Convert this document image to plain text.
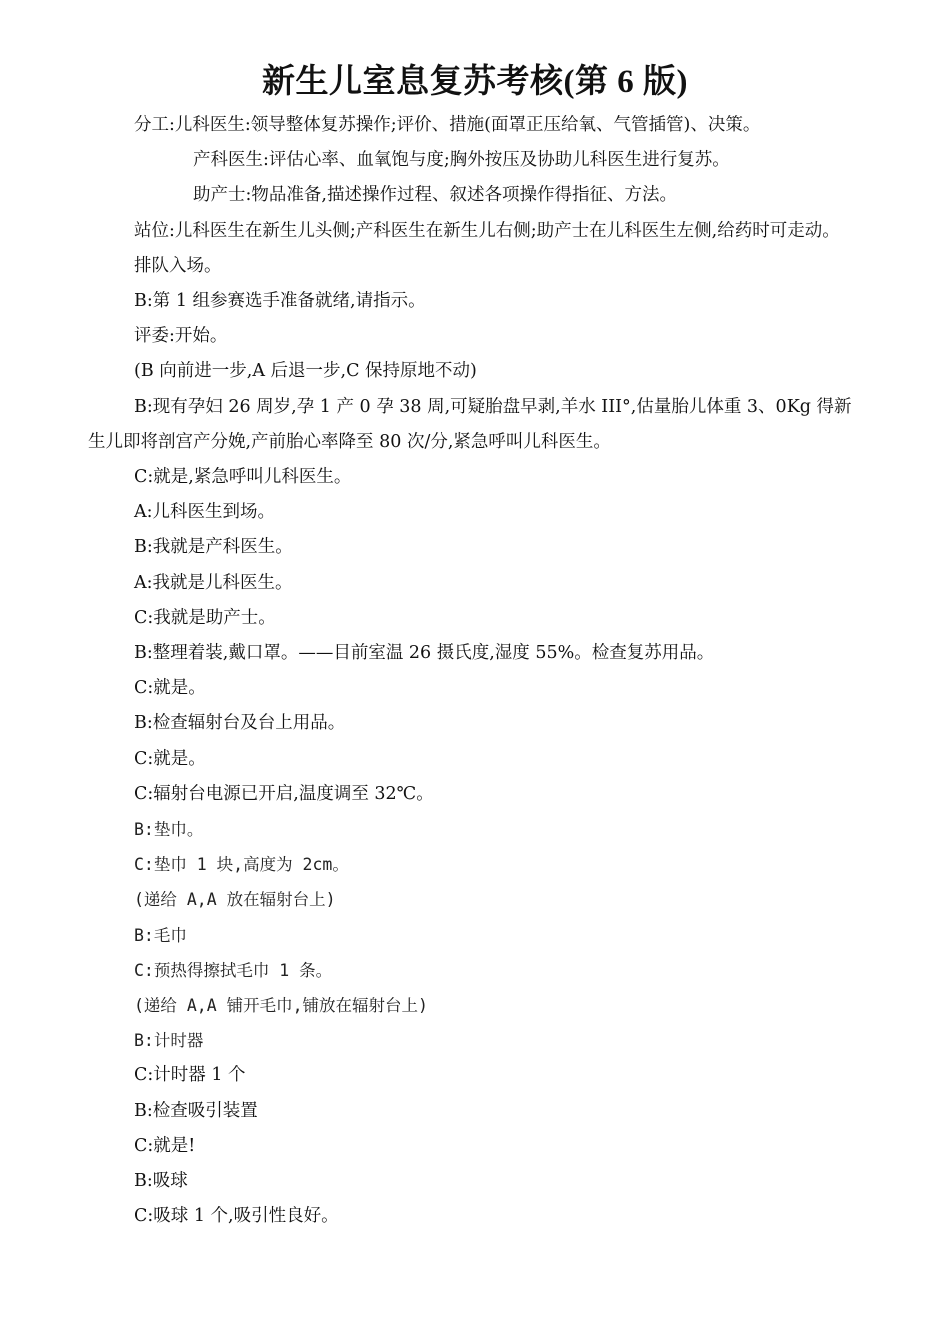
新生儿室息复苏考核(第 6 版)

分工:儿科医生:领导整体复苏操作;评价、措施(面罩正压给氧、气管插管)、决策。

产科医生:评估心率、血氧饱与度;胸外按压及协助儿科医生进行复苏。

助产士:物品准备,描述操作过程、叙述各项操作得指征、方法。

站位:儿科医生在新生儿头侧;产科医生在新生儿右侧;助产士在儿科医生左侧,给药时可走动。

排队入场。

B:第 1 组参赛选手准备就绪,请指示。

评委:开始。

(B 向前进一步,A 后退一步,C 保持原地不动)

B:现有孕妇 26 周岁,孕 1 产 0 孕 38 周,可疑胎盘早剥,羊水 III°,估量胎儿体重 3、0Kg 得新生儿即将剖宫产分娩,产前胎心率降至 80 次/分,紧急呼叫儿科医生。

C:就是,紧急呼叫儿科医生。

A:儿科医生到场。

B:我就是产科医生。

A:我就是儿科医生。

C:我就是助产士。

B:整理着装,戴口罩。——目前室温 26 摄氏度,湿度 55%。检查复苏用品。

C:就是。

B:检查辐射台及台上用品。

C:就是。

C:辐射台电源已开启,温度调至 32℃。

B:垫巾。

C:垫巾 1 块,高度为 2cm。

(递给 A,A 放在辐射台上)

B:毛巾

C:预热得擦拭毛巾 1 条。

(递给 A,A 铺开毛巾,铺放在辐射台上)

B:计时器

C:计时器 1 个

B:检查吸引装置

C:就是!

B:吸球

C:吸球 1 个,吸引性良好。
